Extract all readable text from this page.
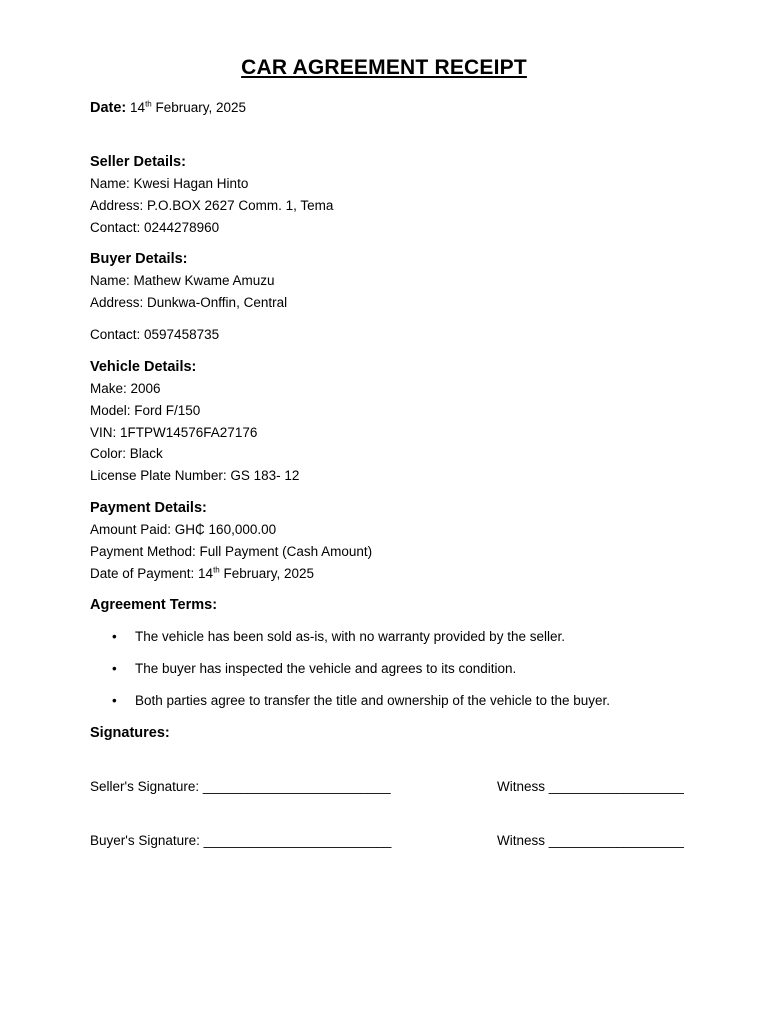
CAR AGREEMENT RECEIPT
Date: 14th February, 2025
Seller Details:
Name: Kwesi Hagan Hinto
Address: P.O.BOX 2627 Comm. 1, Tema
Contact: 0244278960
Buyer Details:
Name: Mathew Kwame Amuzu
Address: Dunkwa-Onffin, Central
Contact: 0597458735
Vehicle Details:
Make: 2006
Model: Ford F/150
VIN: 1FTPW14576FA27176
Color: Black
License Plate Number: GS 183- 12
Payment Details:
Amount Paid: GH₵ 160,000.00
Payment Method: Full Payment (Cash Amount)
Date of Payment: 14th February, 2025
Agreement Terms:
• The vehicle has been sold as-is, with no warranty provided by the seller.
• The buyer has inspected the vehicle and agrees to its condition.
• Both parties agree to transfer the title and ownership of the vehicle to the buyer.
Signatures:
Seller's Signature: _________________________	Witness __________________
Buyer's Signature: _________________________	Witness __________________
